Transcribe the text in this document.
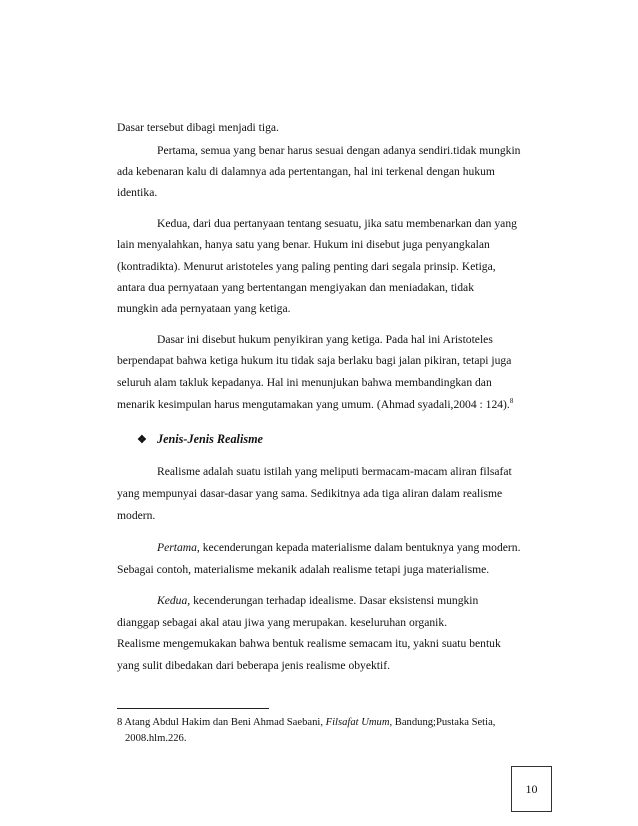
Dasar tersebut dibagi menjadi tiga.
Pertama, semua yang benar harus sesuai dengan adanya sendiri.tidak mungkin
ada kebenaran kalu di dalamnya ada pertentangan, hal ini terkenal dengan hukum
identika.
Kedua, dari dua pertanyaan tentang sesuatu, jika satu membenarkan dan yang
lain menyalahkan, hanya satu yang benar. Hukum ini disebut juga penyangkalan
(kontradikta). Menurut aristoteles yang paling penting dari segala prinsip. Ketiga,
antara dua pernyataan yang bertentangan mengiyakan dan meniadakan, tidak
mungkin ada pernyataan yang ketiga.
Dasar ini disebut hukum penyikiran yang ketiga. Pada hal ini Aristoteles
berpendapat bahwa ketiga hukum itu tidak saja berlaku bagi jalan pikiran, tetapi juga
seluruh alam takluk kepadanya. Hal ini menunjukan bahwa membandingkan dan
menarik kesimpulan harus mengutamakan yang umum. (Ahmad syadali,2004 : 124).$^8$
❖ Jenis-Jenis Realisme
Realisme adalah suatu istilah yang meliputi bermacam-macam aliran filsafat
yang mempunyai dasar-dasar yang sama. Sedikitnya ada tiga aliran dalam realisme
modern.
Pertama, kecenderungan kepada materialisme dalam bentuknya yang modern.
Sebagai contoh, materialisme mekanik adalah realisme tetapi juga materialisme.
Kedua, kecenderungan terhadap idealisme. Dasar eksistensi mungkin
dianggap sebagai akal atau jiwa yang merupakan. keseluruhan organik.
Realisme mengemukakan bahwa bentuk realisme semacam itu, yakni suatu bentuk
yang sulit dibedakan dari beberapa jenis realisme obyektif.
8 Atang Abdul Hakim dan Beni Ahmad Saebani, Filsafat Umum, Bandung;Pustaka Setia,
2008.hlm.226.
10
